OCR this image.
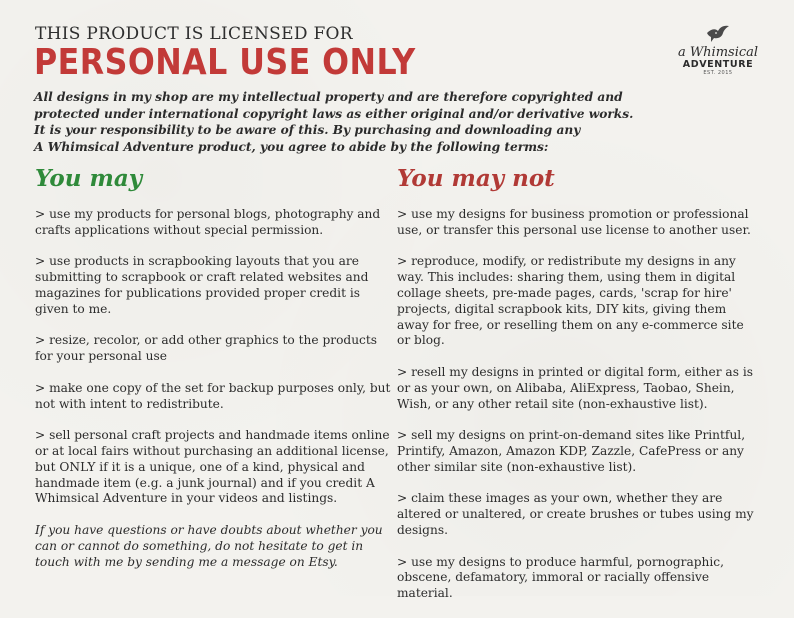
THIS PRODUCT IS LICENSED FOR
PERSONAL USE ONLY

All designs in my shop are my intellectual property and are therefore copyrighted and

protected under international copyright laws as either original and/or derivative works.

It is your responsibility to be aware of this. By purchasing and downloading any

A Whimsical Adventure product, you agree to abide by the following terms:

a Whimsical
ADVENTURE
EST. 2015
You may	You may not

> use my products for personal blogs, photography and crafts applications without special permission.

> use products in scrapbooking layouts that you are submitting to scrapbook or craft related websites and magazines for publications provided proper credit is given to me.

> resize, recolor, or add other graphics to the products for your personal use

> make one copy of the set for backup purposes only, but not with intent to redistribute.

> sell personal craft projects and handmade items online or at local fairs without purchasing an additional license, but ONLY if it is a unique, one of a kind, physical and handmade item (e.g. a junk journal) and if you credit A Whimsical Adventure in your videos and listings.

If you have questions or have doubts about whether you can or cannot do something, do not hesitate to get in touch with me by sending me a message on Etsy.

> use my designs for business promotion or professional use, or transfer this personal use license to another user.

> reproduce, modify, or redistribute my designs in any way. This includes: sharing them, using them in digital collage sheets, pre-made pages, cards, 'scrap for hire' projects, digital scrapbook kits, DIY kits, giving them away for free, or reselling them on any e-commerce site or blog.

> resell my designs in printed or digital form, either as is or as your own, on Alibaba, AliExpress, Taobao, Shein, Wish, or any other retail site (non-exhaustive list).

> sell my designs on print-on-demand sites like Printful, Printify, Amazon, Amazon KDP, Zazzle, CafePress or any other similar site (non-exhaustive list).

> claim these images as your own, whether they are altered or unaltered, or create brushes or tubes using my designs.

> use my designs to produce harmful, pornographic, obscene, defamatory, immoral or racially offensive material.
